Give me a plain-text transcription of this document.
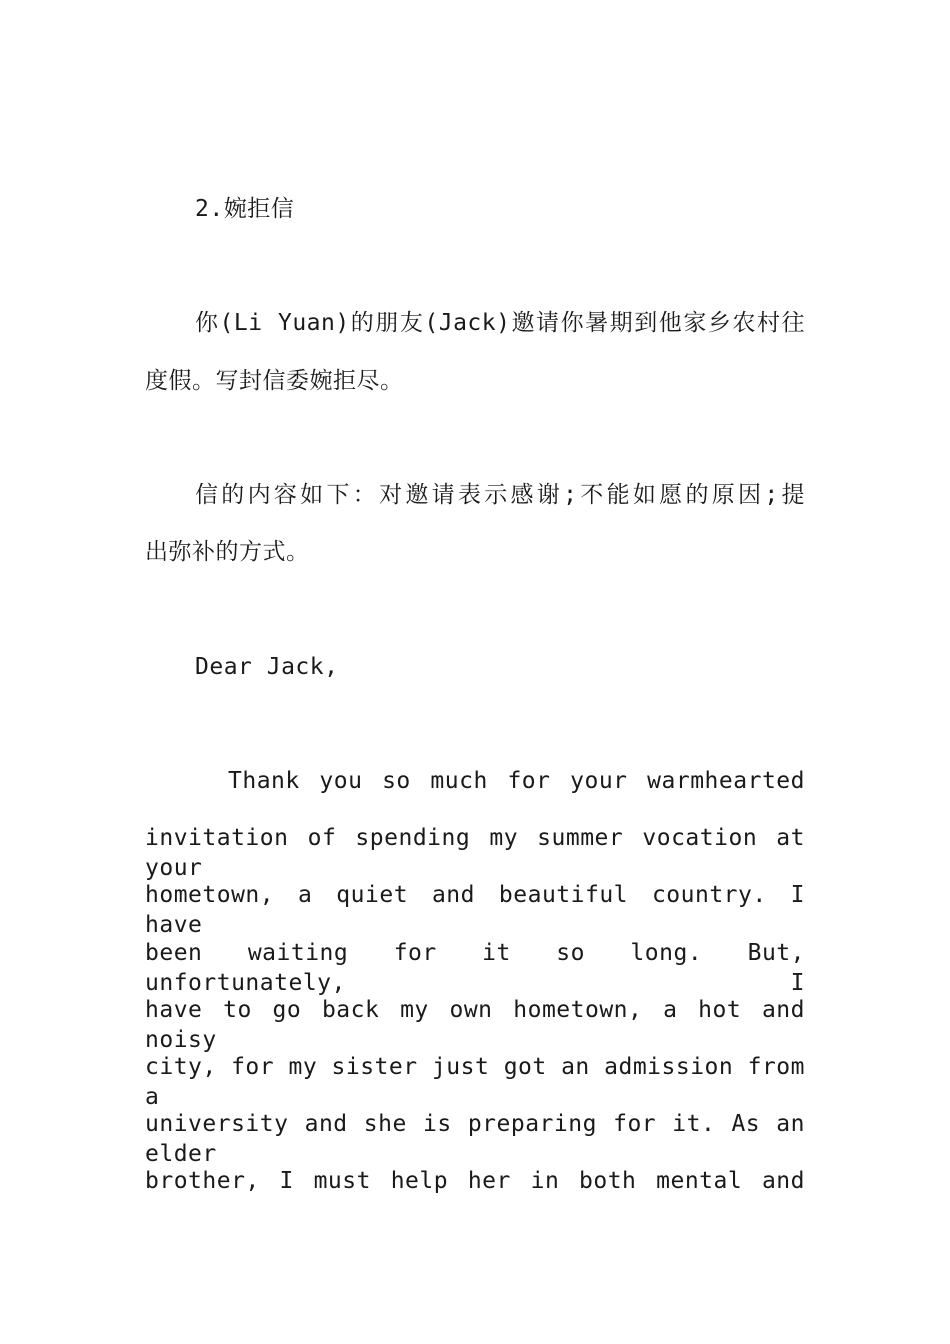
2.婉拒信
你(Li Yuan)的朋友(Jack)邀请你暑期到他家乡农村往
度假。写封信委婉拒尽。
信的内容如下：对邀请表示感谢;不能如愿的原因;提
出弥补的方式。
Dear Jack,
Thank you so much for your warmhearted
invitation of spending my summer vocation at your
hometown, a quiet and beautiful country. I have
been waiting for it so long. But, unfortunately, I
have to go back my own hometown, a hot and noisy
city, for my sister just got an admission from a
university and she is preparing for it. As an elder
brother, I must help her in both mental and
